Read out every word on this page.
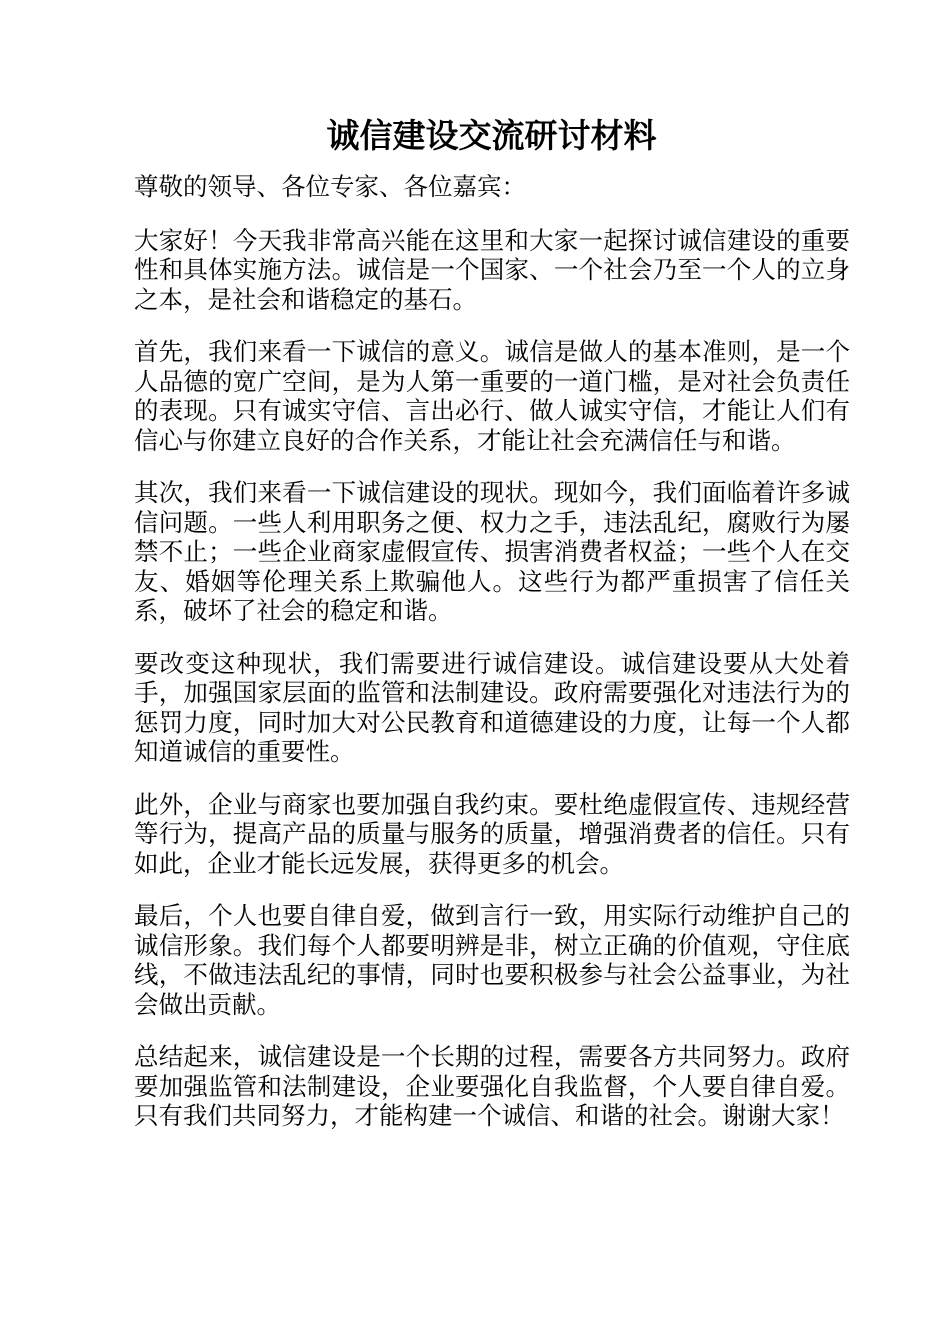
诚信建设交流研讨材料

尊敬的领导、各位专家、各位嘉宾：

大家好！今天我非常高兴能在这里和大家一起探讨诚信建设的重要性和具体实施方法。诚信是一个国家、一个社会乃至一个人的立身之本，是社会和谐稳定的基石。

首先，我们来看一下诚信的意义。诚信是做人的基本准则，是一个人品德的宽广空间，是为人第一重要的一道门槛，是对社会负责任的表现。只有诚实守信、言出必行、做人诚实守信，才能让人们有信心与你建立良好的合作关系，才能让社会充满信任与和谐。

其次，我们来看一下诚信建设的现状。现如今，我们面临着许多诚信问题。一些人利用职务之便、权力之手，违法乱纪，腐败行为屡禁不止；一些企业商家虚假宣传、损害消费者权益；一些个人在交友、婚姻等伦理关系上欺骗他人。这些行为都严重损害了信任关系，破坏了社会的稳定和谐。

要改变这种现状，我们需要进行诚信建设。诚信建设要从大处着手，加强国家层面的监管和法制建设。政府需要强化对违法行为的惩罚力度，同时加大对公民教育和道德建设的力度，让每一个人都知道诚信的重要性。

此外，企业与商家也要加强自我约束。要杜绝虚假宣传、违规经营等行为，提高产品的质量与服务的质量，增强消费者的信任。只有如此，企业才能长远发展，获得更多的机会。

最后，个人也要自律自爱，做到言行一致，用实际行动维护自己的诚信形象。我们每个人都要明辨是非，树立正确的价值观，守住底线，不做违法乱纪的事情，同时也要积极参与社会公益事业，为社会做出贡献。

总结起来，诚信建设是一个长期的过程，需要各方共同努力。政府要加强监管和法制建设，企业要强化自我监督，个人要自律自爱。只有我们共同努力，才能构建一个诚信、和谐的社会。谢谢大家！
